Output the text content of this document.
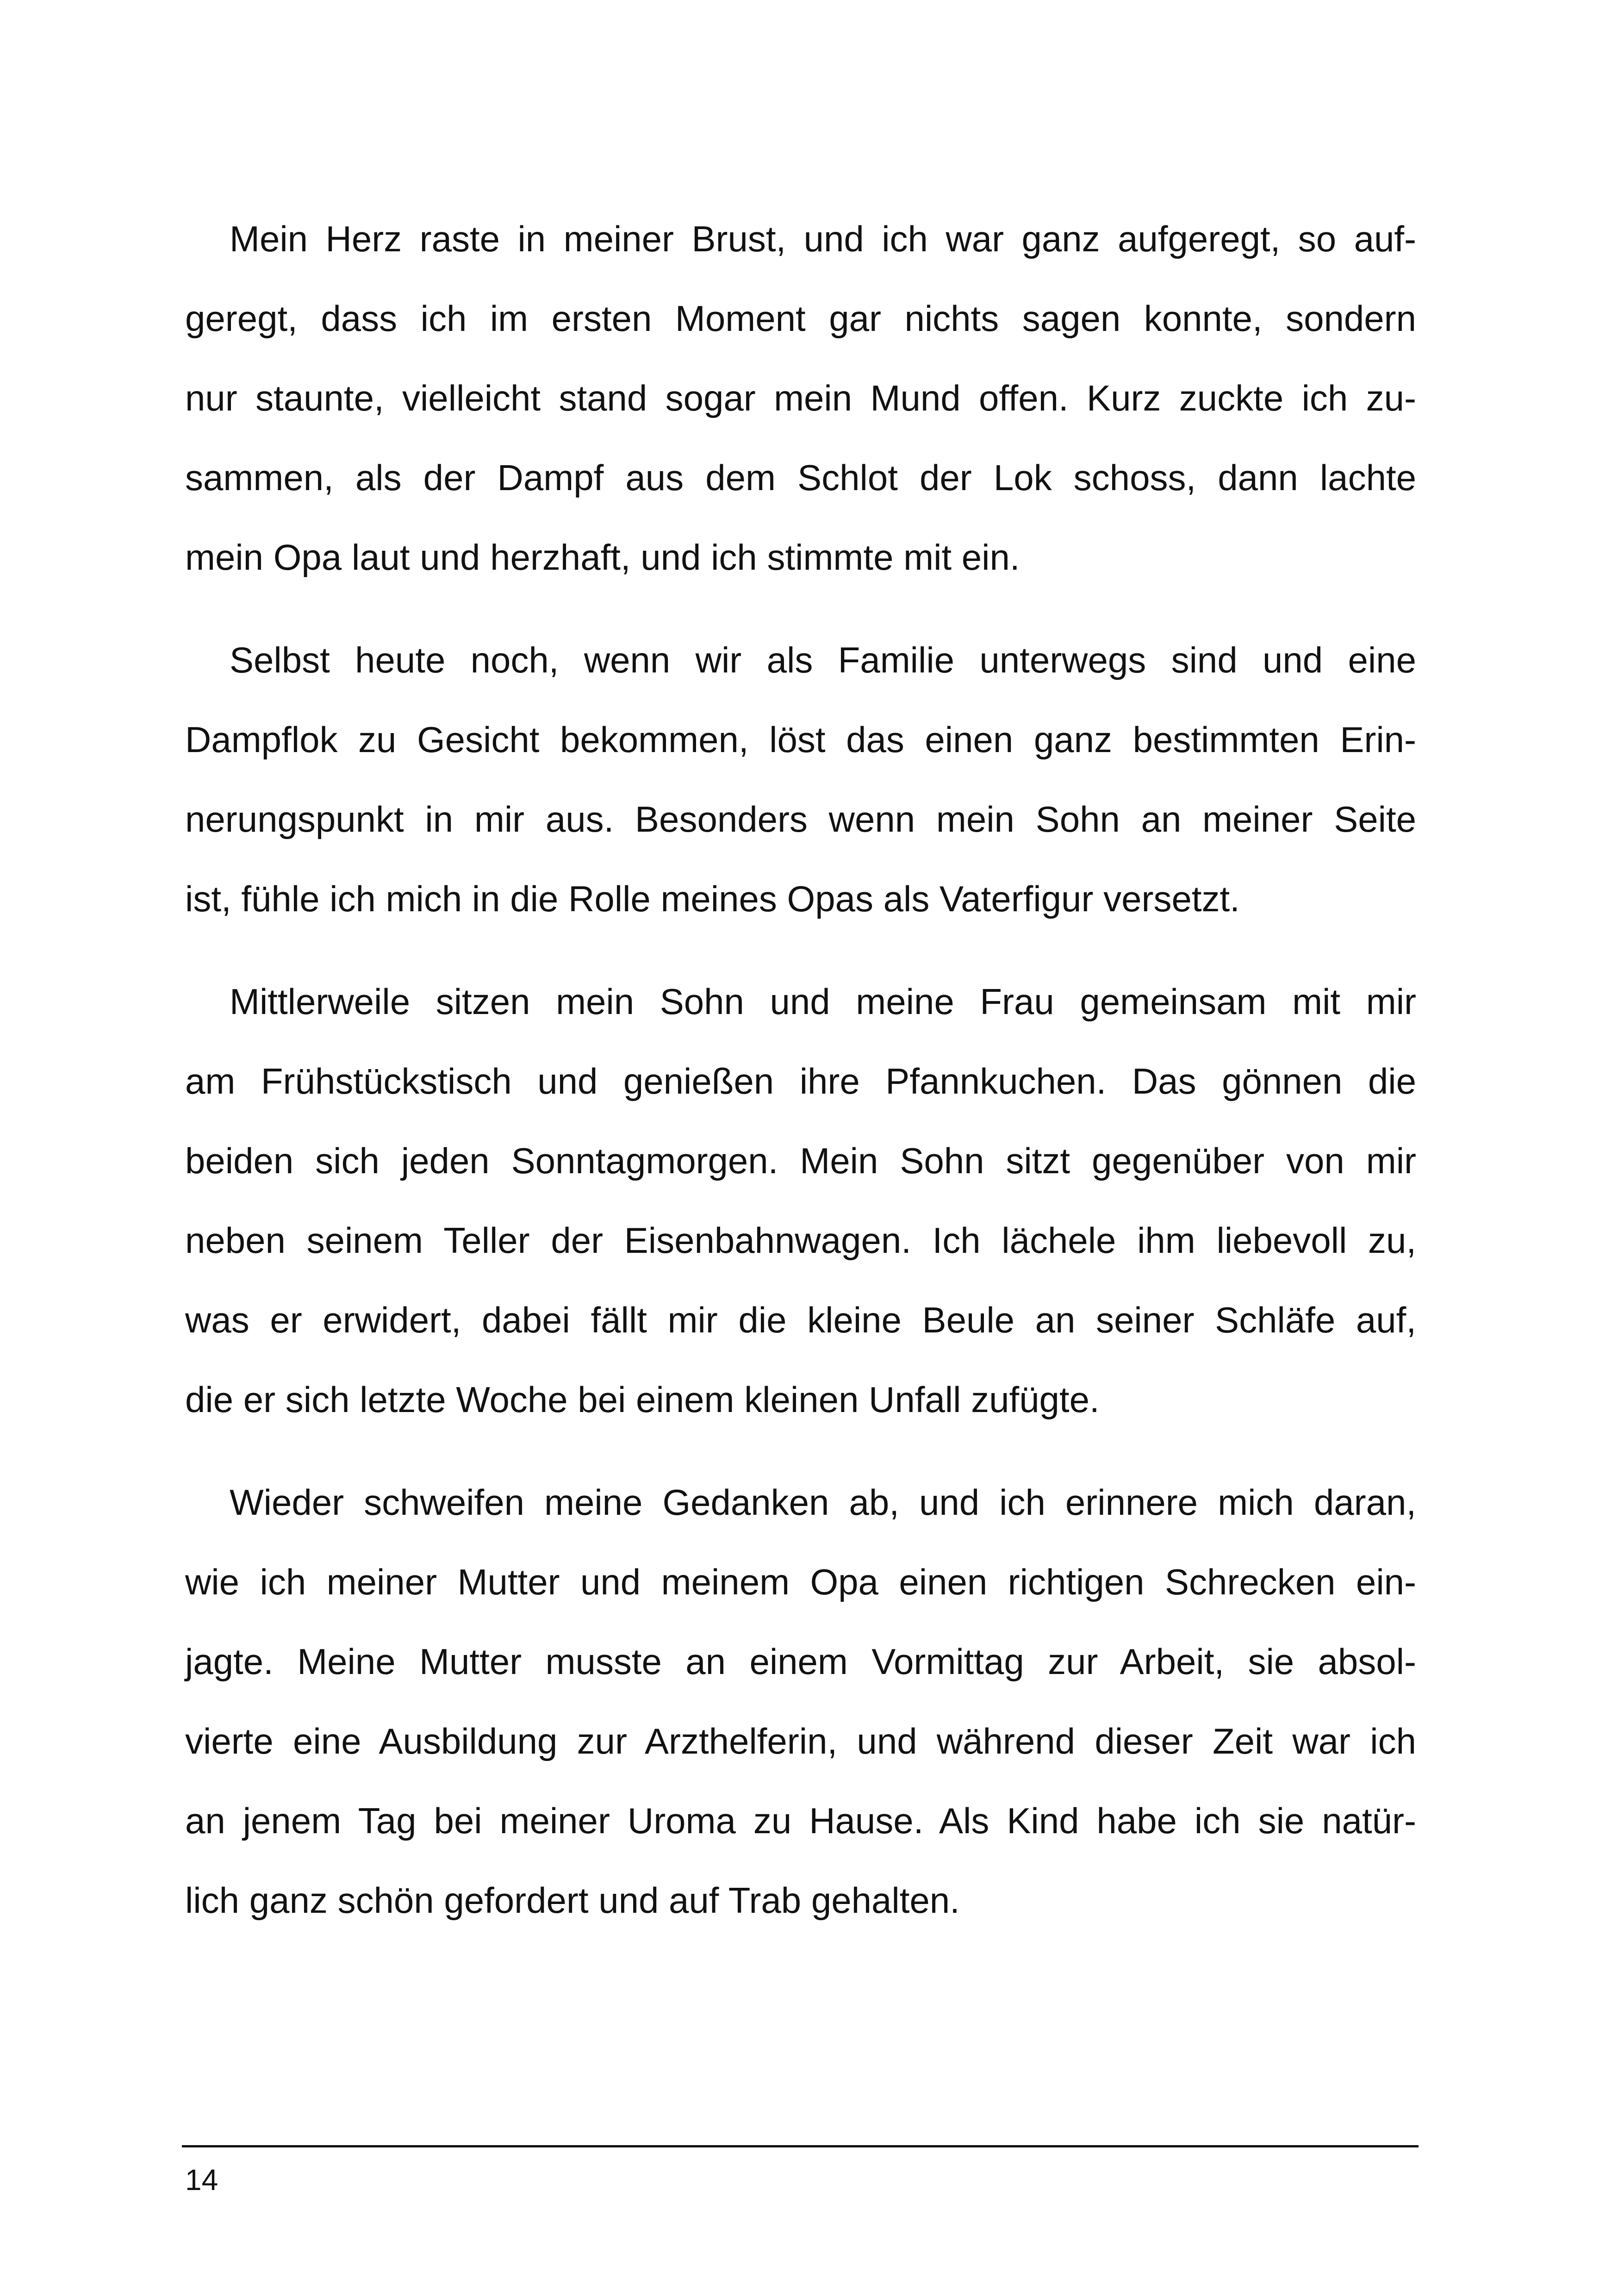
Mein Herz raste in meiner Brust, und ich war ganz aufgeregt, so auf-
geregt, dass ich im ersten Moment gar nichts sagen konnte, sondern
nur staunte, vielleicht stand sogar mein Mund offen. Kurz zuckte ich zu-
sammen, als der Dampf aus dem Schlot der Lok schoss, dann lachte
mein Opa laut und herzhaft, und ich stimmte mit ein.
Selbst heute noch, wenn wir als Familie unterwegs sind und eine
Dampflok zu Gesicht bekommen, löst das einen ganz bestimmten Erin-
nerungspunkt in mir aus. Besonders wenn mein Sohn an meiner Seite
ist, fühle ich mich in die Rolle meines Opas als Vaterfigur versetzt.
Mittlerweile sitzen mein Sohn und meine Frau gemeinsam mit mir
am Frühstückstisch und genießen ihre Pfannkuchen. Das gönnen die
beiden sich jeden Sonntagmorgen. Mein Sohn sitzt gegenüber von mir
neben seinem Teller der Eisenbahnwagen. Ich lächele ihm liebevoll zu,
was er erwidert, dabei fällt mir die kleine Beule an seiner Schläfe auf,
die er sich letzte Woche bei einem kleinen Unfall zufügte.
Wieder schweifen meine Gedanken ab, und ich erinnere mich daran,
wie ich meiner Mutter und meinem Opa einen richtigen Schrecken ein-
jagte. Meine Mutter musste an einem Vormittag zur Arbeit, sie absol-
vierte eine Ausbildung zur Arzthelferin, und während dieser Zeit war ich
an jenem Tag bei meiner Uroma zu Hause. Als Kind habe ich sie natür-
lich ganz schön gefordert und auf Trab gehalten.
14
